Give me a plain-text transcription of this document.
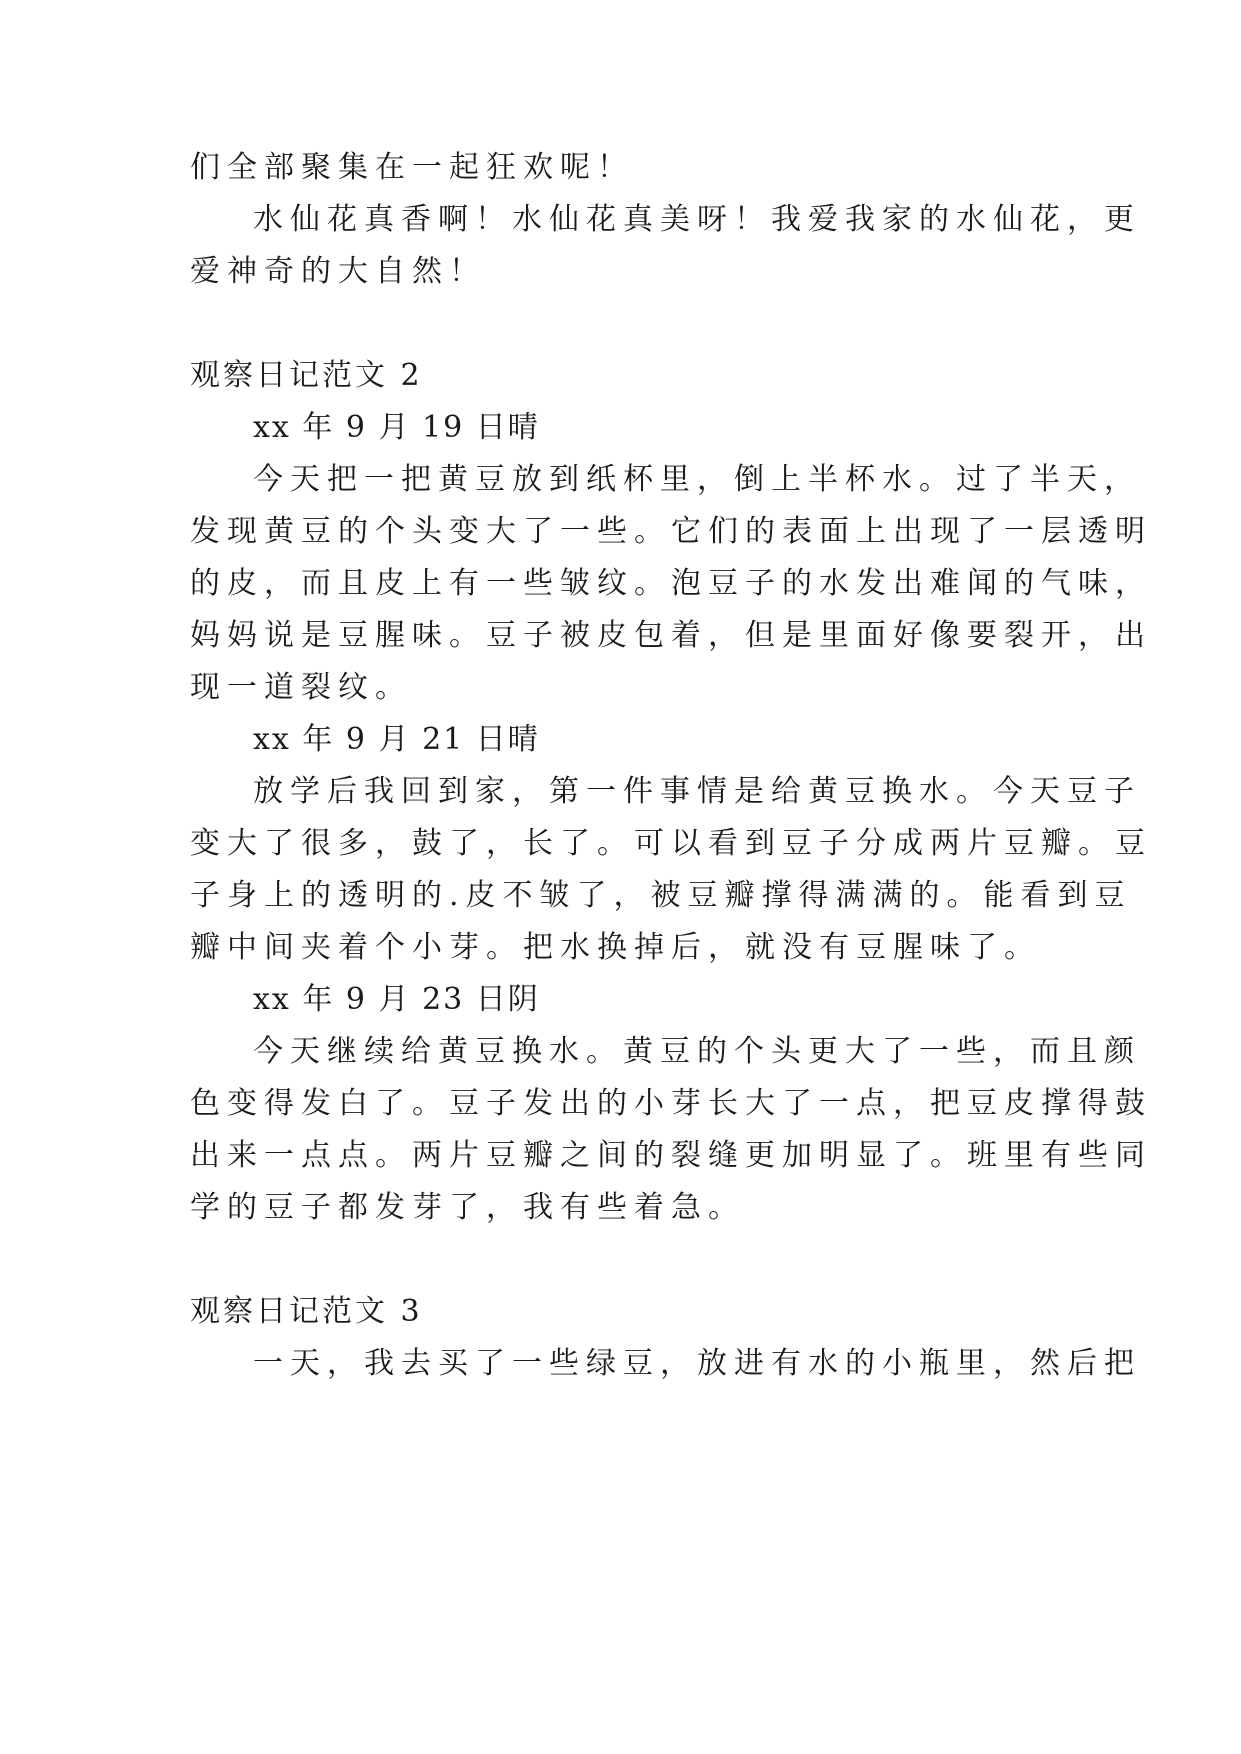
们全部聚集在一起狂欢呢！
水仙花真香啊！水仙花真美呀！我爱我家的水仙花，更
爱神奇的大自然！
观察日记范文 2
xx 年 9 月 19 日晴
今天把一把黄豆放到纸杯里，倒上半杯水。过了半天，
发现黄豆的个头变大了一些。它们的表面上出现了一层透明
的皮，而且皮上有一些皱纹。泡豆子的水发出难闻的气味，
妈妈说是豆腥味。豆子被皮包着，但是里面好像要裂开，出
现一道裂纹。
xx 年 9 月 21 日晴
放学后我回到家，第一件事情是给黄豆换水。今天豆子
变大了很多，鼓了，长了。可以看到豆子分成两片豆瓣。豆
子身上的透明的.皮不皱了，被豆瓣撑得满满的。能看到豆
瓣中间夹着个小芽。把水换掉后，就没有豆腥味了。
xx 年 9 月 23 日阴
今天继续给黄豆换水。黄豆的个头更大了一些，而且颜
色变得发白了。豆子发出的小芽长大了一点，把豆皮撑得鼓
出来一点点。两片豆瓣之间的裂缝更加明显了。班里有些同
学的豆子都发芽了，我有些着急。
观察日记范文 3
一天，我去买了一些绿豆，放进有水的小瓶里，然后把
